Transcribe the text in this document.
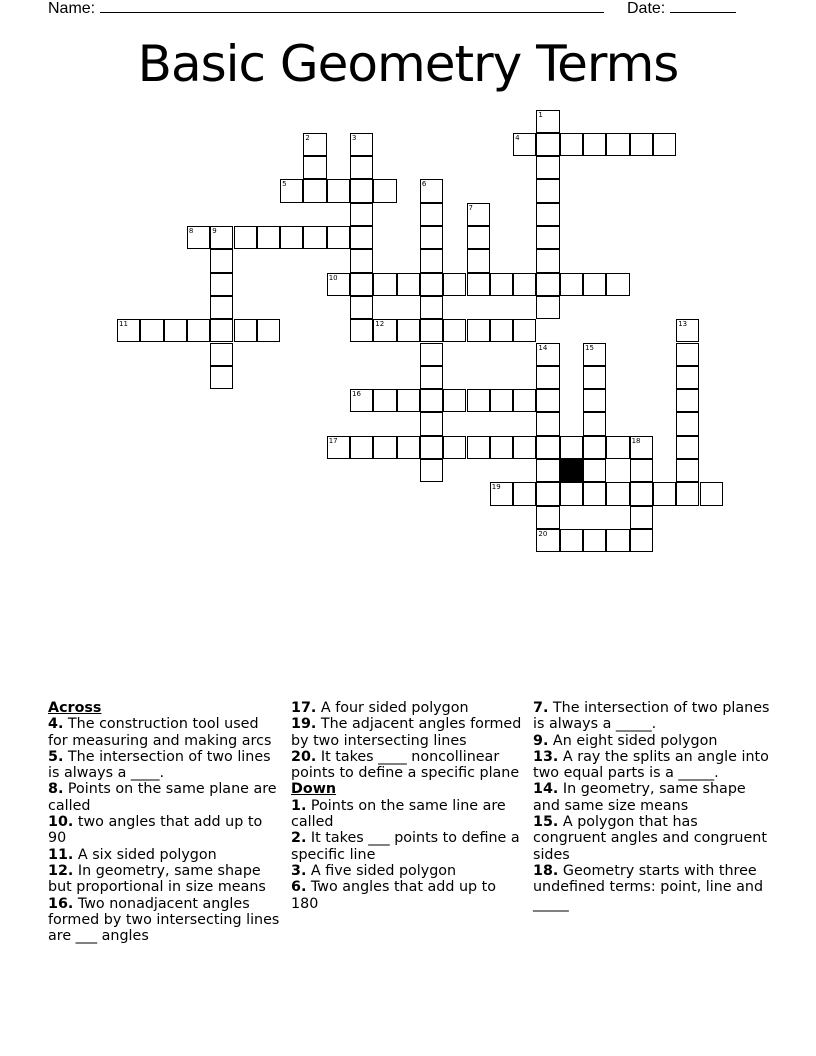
Name:	Date:
Basic Geometry Terms
1
2	3	4
5	6
7
8	9
10
11	12	13
14
20
15
16
17	18
19
Across
4. The construction tool used for measuring and making arcs
5. The intersection of two lines is always a ____.
8. Points on the same plane are called
10. two angles that add up to 90
11. A six sided polygon
12. In geometry, same shape but proportional in size means
16. Two nonadjacent angles formed by two intersecting lines are ___ angles
17. A four sided polygon
19. The adjacent angles formed by two intersecting lines
20. It takes ____ noncollinear points to define a specific plane
Down
1. Points on the same line are called
2. It takes ___ points to define a specific line
3. A five sided polygon
6. Two angles that add up to 180
7. The intersection of two planes is always a _____.
9. An eight sided polygon
13. A ray the splits an angle into two equal parts is a _____.
14. In geometry, same shape and same size means
15. A polygon that has congruent angles and congruent sides
18. Geometry starts with three undefined terms: point, line and _____
